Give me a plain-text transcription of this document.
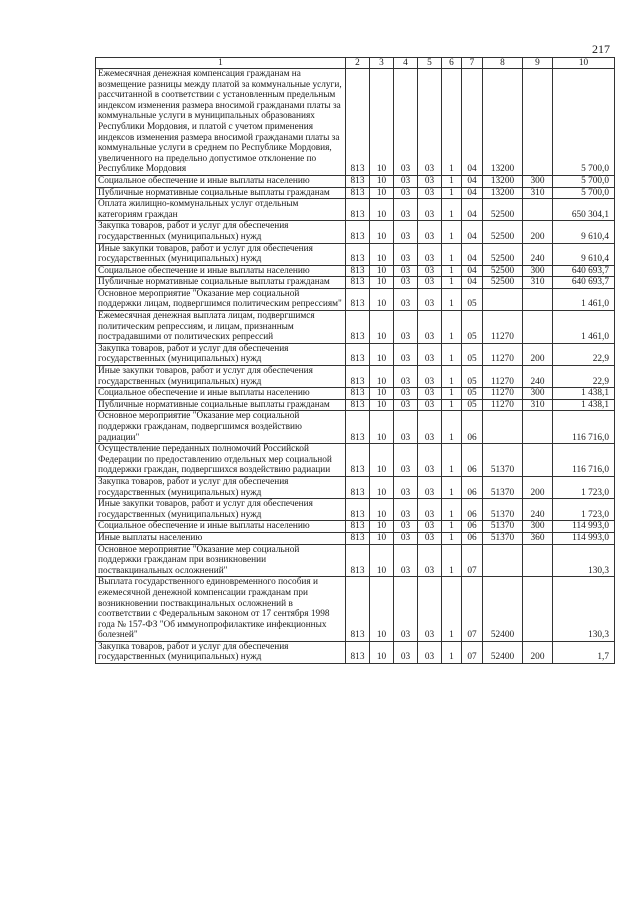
217
1	2	3	4	5	6	7	8	9	10
Ежемесячная денежная компенсация гражданам на возмещение разницы между платой за коммунальные услуги, рассчитанной в соответствии с установленным предельным индексом изменения размера вносимой гражданами платы за коммунальные услуги в муниципальных образованиях Республики Мордовия, и платой с учетом применения индексов изменения размера вносимой гражданами платы за коммунальные услуги в среднем по Республике Мордовия, увеличенного на предельно допустимое отклонение по Республике Мордовия	813	10	03	03	1	04	13200		5 700,0
Социальное обеспечение и иные выплаты населению	813	10	03	03	1	04	13200	300	5 700,0
Публичные нормативные социальные выплаты гражданам	813	10	03	03	1	04	13200	310	5 700,0
Оплата жилищно-коммунальных услуг отдельным категориям граждан	813	10	03	03	1	04	52500		650 304,1
Закупка товаров, работ и услуг для обеспечения государственных (муниципальных) нужд	813	10	03	03	1	04	52500	200	9 610,4
Иные закупки товаров, работ и услуг для обеспечения государственных (муниципальных) нужд	813	10	03	03	1	04	52500	240	9 610,4
Социальное обеспечение и иные выплаты населению	813	10	03	03	1	04	52500	300	640 693,7
Публичные нормативные социальные выплаты гражданам	813	10	03	03	1	04	52500	310	640 693,7
Основное мероприятие "Оказание мер социальной поддержки лицам, подвергшимся политическим репрессиям"	813	10	03	03	1	05			1 461,0
Ежемесячная денежная выплата лицам, подвергшимся политическим репрессиям, и лицам, признанным пострадавшими от политических репрессий	813	10	03	03	1	05	11270		1 461,0
Закупка товаров, работ и услуг для обеспечения государственных (муниципальных) нужд	813	10	03	03	1	05	11270	200	22,9
Иные закупки товаров, работ и услуг для обеспечения государственных (муниципальных) нужд	813	10	03	03	1	05	11270	240	22,9
Социальное обеспечение и иные выплаты населению	813	10	03	03	1	05	11270	300	1 438,1
Публичные нормативные социальные выплаты гражданам	813	10	03	03	1	05	11270	310	1 438,1
Основное мероприятие "Оказание мер социальной поддержки гражданам, подвергшимся воздействию радиации"	813	10	03	03	1	06			116 716,0
Осуществление переданных полномочий Российской Федерации по предоставлению отдельных мер социальной поддержки граждан, подвергшихся воздействию радиации	813	10	03	03	1	06	51370		116 716,0
Закупка товаров, работ и услуг для обеспечения государственных (муниципальных) нужд	813	10	03	03	1	06	51370	200	1 723,0
Иные закупки товаров, работ и услуг для обеспечения государственных (муниципальных) нужд	813	10	03	03	1	06	51370	240	1 723,0
Социальное обеспечение и иные выплаты населению	813	10	03	03	1	06	51370	300	114 993,0
Иные выплаты населению	813	10	03	03	1	06	51370	360	114 993,0
Основное мероприятие "Оказание мер социальной поддержки гражданам при возникновении поствакцинальных осложнений"	813	10	03	03	1	07			130,3
Выплата государственного единовременного пособия и ежемесячной денежной компенсации гражданам при возникновении поствакцинальных осложнений в соответствии с Федеральным законом от 17 сентября 1998 года № 157-ФЗ "Об иммунопрофилактике инфекционных болезней"	813	10	03	03	1	07	52400		130,3
Закупка товаров, работ и услуг для обеспечения государственных (муниципальных) нужд	813	10	03	03	1	07	52400	200	1,7
